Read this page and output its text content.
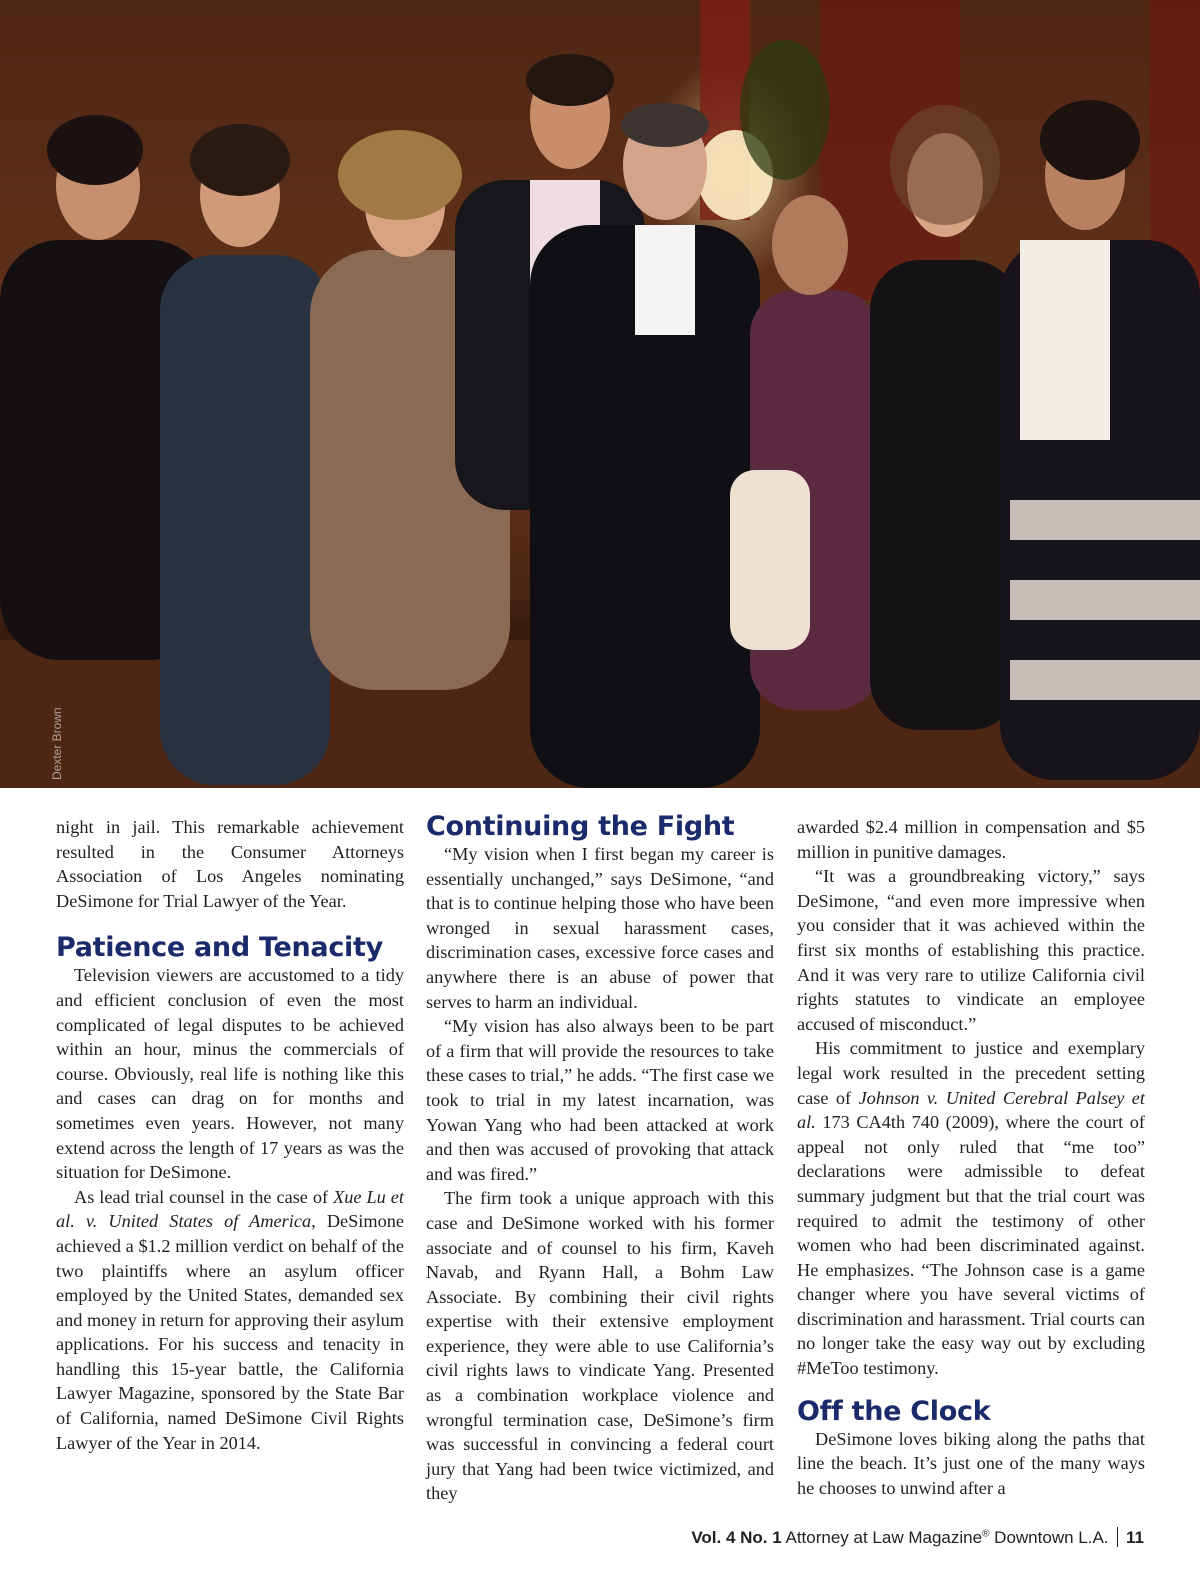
Dexter Brown

night in jail. This remarkable achievement resulted in the Consumer Attorneys Association of Los Angeles nominating DeSimone for Trial Lawyer of the Year.

Patience and Tenacity

Television viewers are accustomed to a tidy and efficient conclusion of even the most complicated of legal disputes to be achieved within an hour, minus the commercials of course. Obviously, real life is nothing like this and cases can drag on for months and sometimes even years. However, not many extend across the length of 17 years as was the situation for DeSimone.

As lead trial counsel in the case of Xue Lu et al. v. United States of America, DeSimone achieved a $1.2 million verdict on behalf of the two plaintiffs where an asylum officer employed by the United States, demanded sex and money in return for approving their asylum applications. For his success and tenacity in handling this 15-year battle, the California Lawyer Magazine, sponsored by the State Bar of California, named DeSimone Civil Rights Lawyer of the Year in 2014.

Continuing the Fight

“My vision when I first began my career is essentially unchanged,” says DeSimone, “and that is to continue helping those who have been wronged in sexual harassment cases, discrimination cases, excessive force cases and anywhere there is an abuse of power that serves to harm an individual.

“My vision has also always been to be part of a firm that will provide the resources to take these cases to trial,” he adds. “The first case we took to trial in my latest incarnation, was Yowan Yang who had been attacked at work and then was accused of provoking that attack and was fired.”

The firm took a unique approach with this case and DeSimone worked with his former associate and of counsel to his firm, Kaveh Navab, and Ryann Hall, a Bohm Law Associate. By combining their civil rights expertise with their extensive employment experience, they were able to use California’s civil rights laws to vindicate Yang. Presented as a combination workplace violence and wrongful termination case, DeSimone’s firm was successful in convincing a federal court jury that Yang had been twice victimized, and they

awarded $2.4 million in compensation and $5 million in punitive damages.

“It was a groundbreaking victory,” says DeSimone, “and even more impressive when you consider that it was achieved within the first six months of establishing this practice. And it was very rare to utilize California civil rights statutes to vindicate an employee accused of misconduct.”

His commitment to justice and exemplary legal work resulted in the precedent setting case of Johnson v. United Cerebral Palsey et al. 173 CA4th 740 (2009), where the court of appeal not only ruled that “me too” declarations were admissible to defeat summary judgment but that the trial court was required to admit the testimony of other women who had been discriminated against. He emphasizes. “The Johnson case is a game changer where you have several victims of discrimination and harassment. Trial courts can no longer take the easy way out by excluding #MeToo testimony.

Off the Clock

DeSimone loves biking along the paths that line the beach. It’s just one of the many ways he chooses to unwind after a

Vol. 4 No. 1 Attorney at Law Magazine® Downtown L.A. 11
